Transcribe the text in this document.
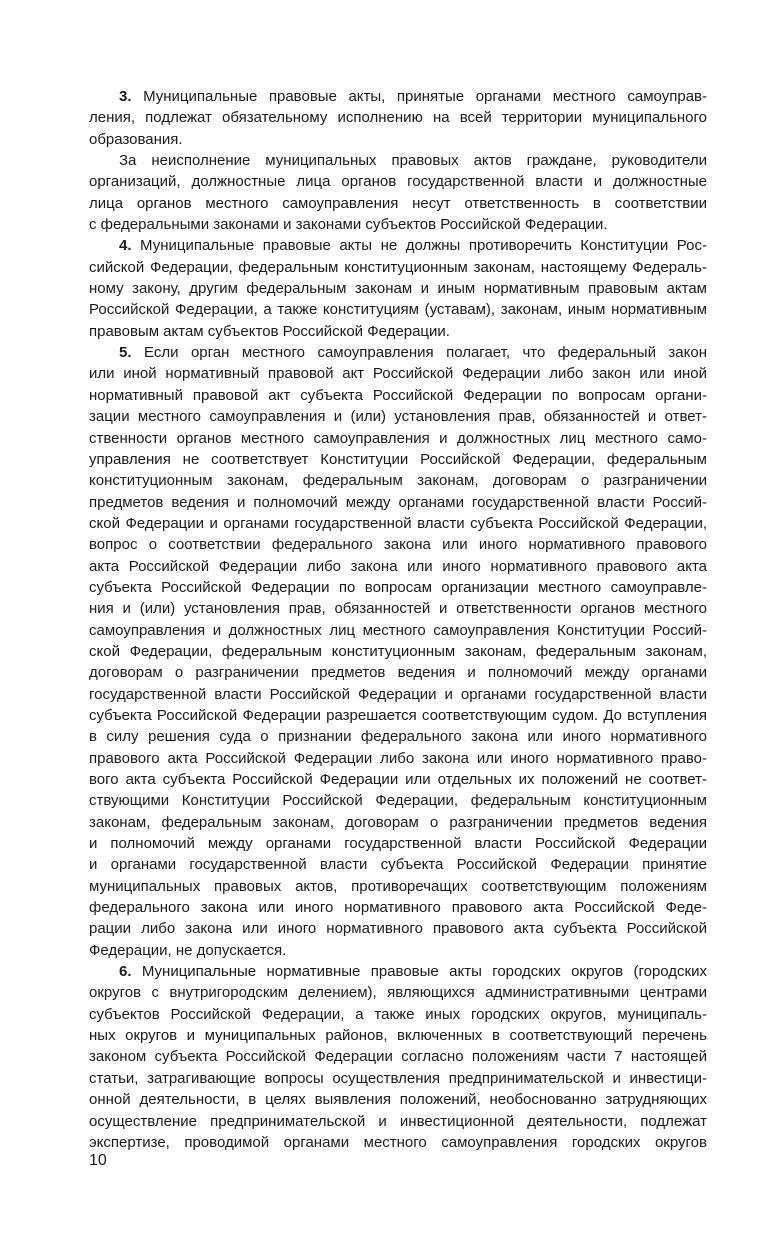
3. Муниципальные правовые акты, принятые органами местного самоуправ-
ления, подлежат обязательному исполнению на всей территории муниципального
образования.
За неисполнение муниципальных правовых актов граждане, руководители
организаций, должностные лица органов государственной власти и должностные
лица органов местного самоуправления несут ответственность в соответствии
с федеральными законами и законами субъектов Российской Федерации.
4. Муниципальные правовые акты не должны противоречить Конституции Рос-
сийской Федерации, федеральным конституционным законам, настоящему Федераль-
ному закону, другим федеральным законам и иным нормативным правовым актам
Российской Федерации, а также конституциям (уставам), законам, иным нормативным
правовым актам субъектов Российской Федерации.
5. Если орган местного самоуправления полагает, что федеральный закон
или иной нормативный правовой акт Российской Федерации либо закон или иной
нормативный правовой акт субъекта Российской Федерации по вопросам органи-
зации местного самоуправления и (или) установления прав, обязанностей и ответ-
ственности органов местного самоуправления и должностных лиц местного само-
управления не соответствует Конституции Российской Федерации, федеральным
конституционным законам, федеральным законам, договорам о разграничении
предметов ведения и полномочий между органами государственной власти Россий-
ской Федерации и органами государственной власти субъекта Российской Федерации,
вопрос о соответствии федерального закона или иного нормативного правового
акта Российской Федерации либо закона или иного нормативного правового акта
субъекта Российской Федерации по вопросам организации местного самоуправле-
ния и (или) установления прав, обязанностей и ответственности органов местного
самоуправления и должностных лиц местного самоуправления Конституции Россий-
ской Федерации, федеральным конституционным законам, федеральным законам,
договорам о разграничении предметов ведения и полномочий между органами
государственной власти Российской Федерации и органами государственной власти
субъекта Российской Федерации разрешается соответствующим судом. До вступления
в силу решения суда о признании федерального закона или иного нормативного
правового акта Российской Федерации либо закона или иного нормативного право-
вого акта субъекта Российской Федерации или отдельных их положений не соответ-
ствующими Конституции Российской Федерации, федеральным конституционным
законам, федеральным законам, договорам о разграничении предметов ведения
и полномочий между органами государственной власти Российской Федерации
и органами государственной власти субъекта Российской Федерации принятие
муниципальных правовых актов, противоречащих соответствующим положениям
федерального закона или иного нормативного правового акта Российской Феде-
рации либо закона или иного нормативного правового акта субъекта Российской
Федерации, не допускается.
6. Муниципальные нормативные правовые акты городских округов (городских
округов с внутригородским делением), являющихся административными центрами
субъектов Российской Федерации, а также иных городских округов, муниципаль-
ных округов и муниципальных районов, включенных в соответствующий перечень
законом субъекта Российской Федерации согласно положениям части 7 настоящей
статьи, затрагивающие вопросы осуществления предпринимательской и инвестици-
онной деятельности, в целях выявления положений, необоснованно затрудняющих
осуществление предпринимательской и инвестиционной деятельности, подлежат
экспертизе, проводимой органами местного самоуправления городских округов
10
